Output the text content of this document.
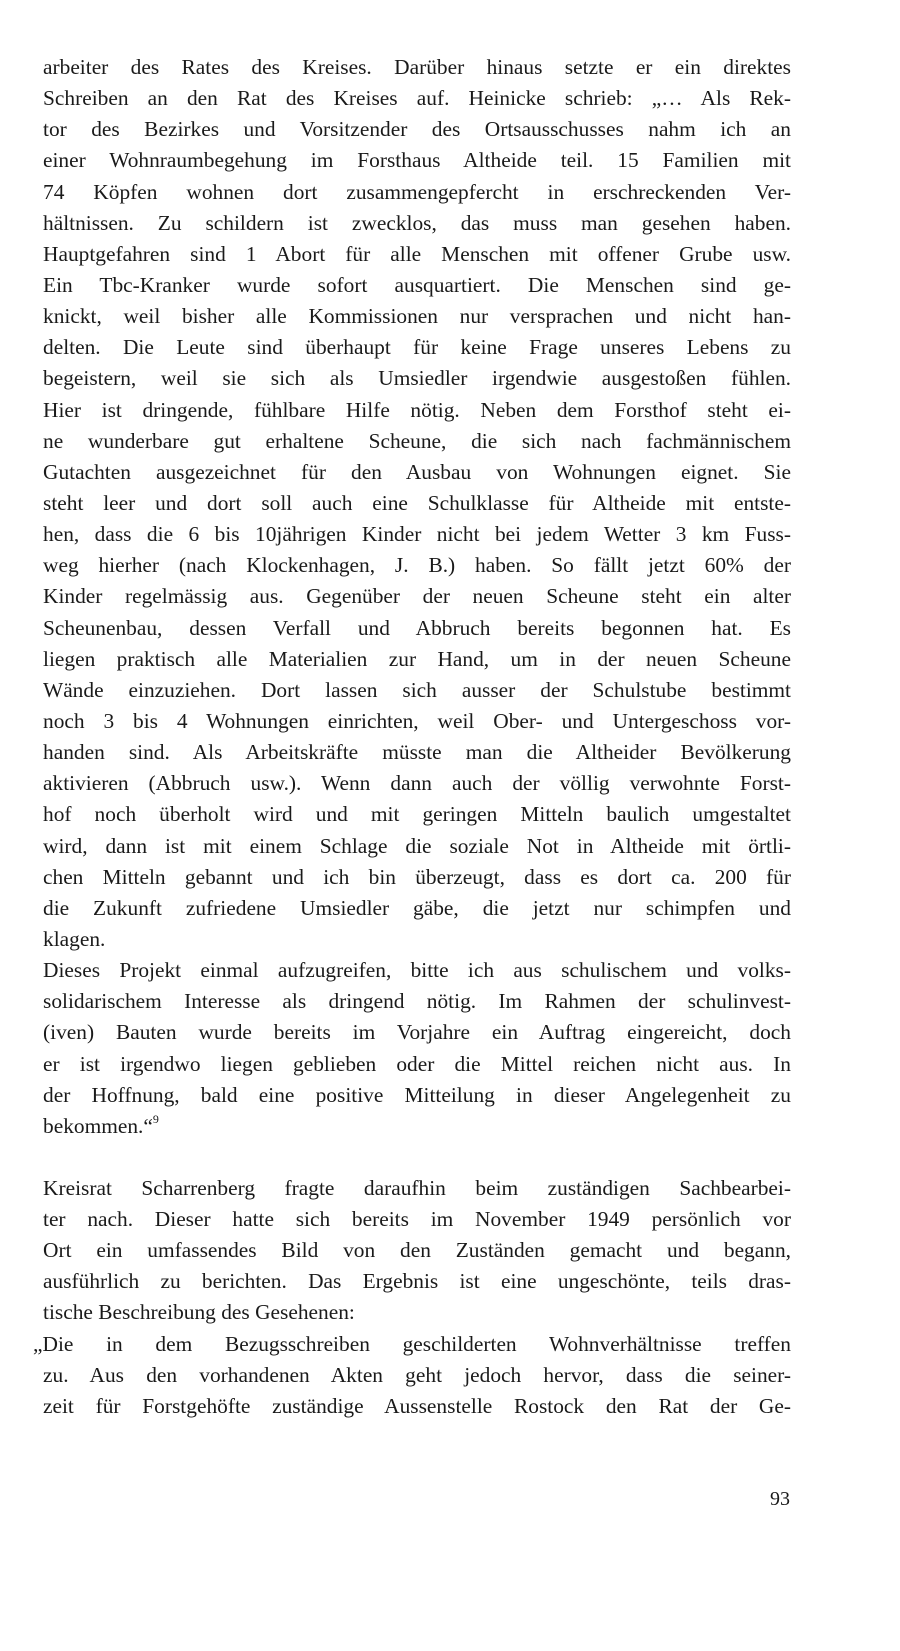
arbeiter des Rates des Kreises. Darüber hinaus setzte er ein direktes
Schreiben an den Rat des Kreises auf. Heinicke schrieb: „… Als Rek-
tor des Bezirkes und Vorsitzender des Ortsausschusses nahm ich an
einer Wohnraumbegehung im Forsthaus Altheide teil. 15 Familien mit
74 Köpfen wohnen dort zusammengepfercht in erschreckenden Ver-
hältnissen. Zu schildern ist zwecklos, das muss man gesehen haben.
Hauptgefahren sind 1 Abort für alle Menschen mit offener Grube usw.
Ein Tbc-Kranker wurde sofort ausquartiert. Die Menschen sind ge-
knickt, weil bisher alle Kommissionen nur versprachen und nicht han-
delten. Die Leute sind überhaupt für keine Frage unseres Lebens zu
begeistern, weil sie sich als Umsiedler irgendwie ausgestoßen fühlen.
Hier ist dringende, fühlbare Hilfe nötig. Neben dem Forsthof steht ei-
ne wunderbare gut erhaltene Scheune, die sich nach fachmännischem
Gutachten ausgezeichnet für den Ausbau von Wohnungen eignet. Sie
steht leer und dort soll auch eine Schulklasse für Altheide mit entste-
hen, dass die 6 bis 10jährigen Kinder nicht bei jedem Wetter 3 km Fuss-
weg hierher (nach Klockenhagen, J. B.) haben. So fällt jetzt 60% der
Kinder regelmässig aus. Gegenüber der neuen Scheune steht ein alter
Scheunenbau, dessen Verfall und Abbruch bereits begonnen hat. Es
liegen praktisch alle Materialien zur Hand, um in der neuen Scheune
Wände einzuziehen. Dort lassen sich ausser der Schulstube bestimmt
noch 3 bis 4 Wohnungen einrichten, weil Ober- und Untergeschoss vor-
handen sind. Als Arbeitskräfte müsste man die Altheider Bevölkerung
aktivieren (Abbruch usw.). Wenn dann auch der völlig verwohnte Forst-
hof noch überholt wird und mit geringen Mitteln baulich umgestaltet
wird, dann ist mit einem Schlage die soziale Not in Altheide mit örtli-
chen Mitteln gebannt und ich bin überzeugt, dass es dort ca. 200 für
die Zukunft zufriedene Umsiedler gäbe, die jetzt nur schimpfen und
klagen.
Dieses Projekt einmal aufzugreifen, bitte ich aus schulischem und volks-
solidarischem Interesse als dringend nötig. Im Rahmen der schulinvest-
(iven) Bauten wurde bereits im Vorjahre ein Auftrag eingereicht, doch
er ist irgendwo liegen geblieben oder die Mittel reichen nicht aus. In
der Hoffnung, bald eine positive Mitteilung in dieser Angelegenheit zu
bekommen.“$^9$
Kreisrat Scharrenberg fragte daraufhin beim zuständigen Sachbearbei-
ter nach. Dieser hatte sich bereits im November 1949 persönlich vor
Ort ein umfassendes Bild von den Zuständen gemacht und begann,
ausführlich zu berichten. Das Ergebnis ist eine ungeschönte, teils dras-
tische Beschreibung des Gesehenen:
„Die in dem Bezugsschreiben geschilderten Wohnverhältnisse treffen
zu. Aus den vorhandenen Akten geht jedoch hervor, dass die seiner-
zeit für Forstgehöfte zuständige Aussenstelle Rostock den Rat der Ge-
93
